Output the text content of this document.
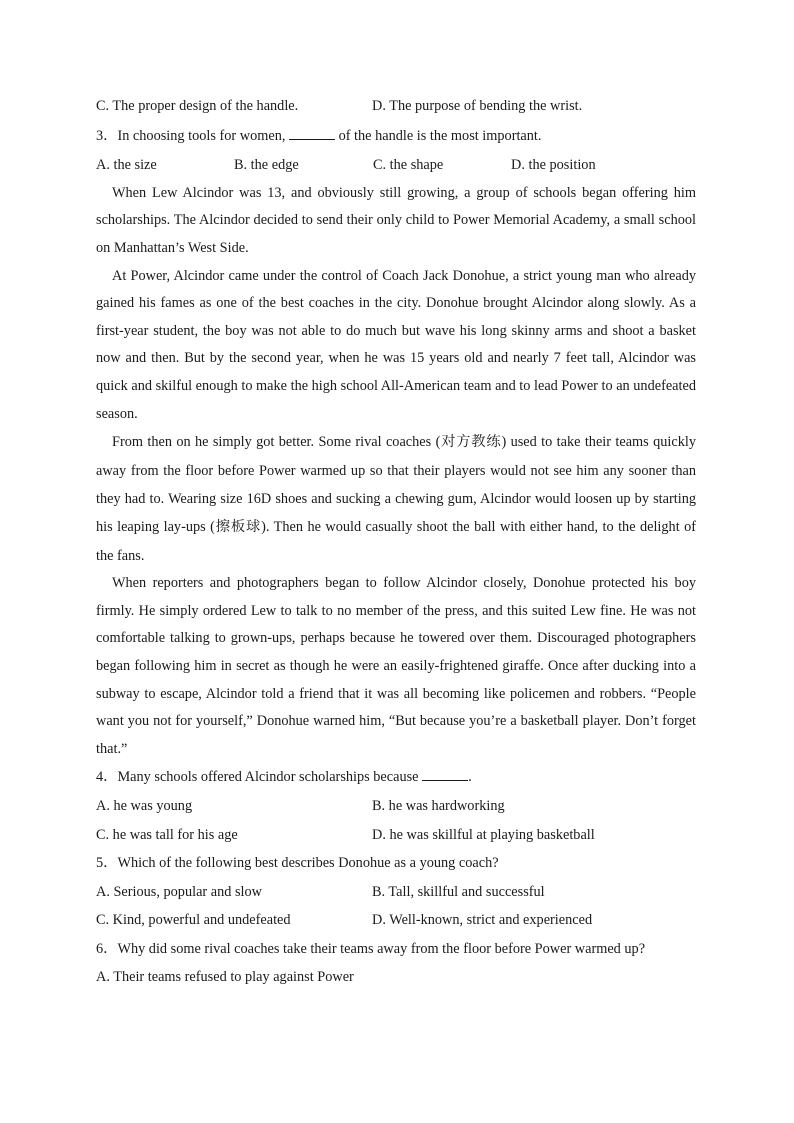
C. The proper design of the handle.	D. The purpose of bending the wrist.
3．In choosing tools for women,	of the handle is the most important.
A. the size	B. the edge	C. the shape	D. the position

When Lew Alcindor was 13, and obviously still growing, a group of schools began offering him scholarships. The Alcindor decided to send their only child to Power Memorial Academy, a small school on Manhattan’s West Side.

At Power, Alcindor came under the control of Coach Jack Donohue, a strict young man who already gained his fames as one of the best coaches in the city. Donohue brought Alcindor along slowly. As a first-year student, the boy was not able to do much but wave his long skinny arms and shoot a basket now and then. But by the second year, when he was 15 years old and nearly 7 feet tall, Alcindor was quick and skilful enough to make the high school All-American team and to lead Power to an undefeated season.

From then on he simply got better. Some rival coaches (对方教练) used to take their teams quickly away from the floor before Power warmed up so that their players would not see him any sooner than they had to. Wearing size 16D shoes and sucking a chewing gum, Alcindor would loosen up by starting his leaping lay-ups (擦板球). Then he would casually shoot the ball with either hand, to the delight of the fans.

When reporters and photographers began to follow Alcindor closely, Donohue protected his boy firmly. He simply ordered Lew to talk to no member of the press, and this suited Lew fine. He was not comfortable talking to grown-ups, perhaps because he towered over them. Discouraged photographers began following him in secret as though he were an easily-frightened giraffe. Once after ducking into a subway to escape, Alcindor told a friend that it was all becoming like policemen and robbers. “People want you not for yourself,” Donohue warned him, “But because you’re a basketball player. Don’t forget that.”

4．Many schools offered Alcindor scholarships because	.
A. he was young	B. he was hardworking
C. he was tall for his age	D. he was skillful at playing basketball
5．Which of the following best describes Donohue as a young coach?
A. Serious, popular and slow	B. Tall, skillful and successful
C. Kind, powerful and undefeated	D. Well-known, strict and experienced
6．Why did some rival coaches take their teams away from the floor before Power warmed up?
A. Their teams refused to play against Power
